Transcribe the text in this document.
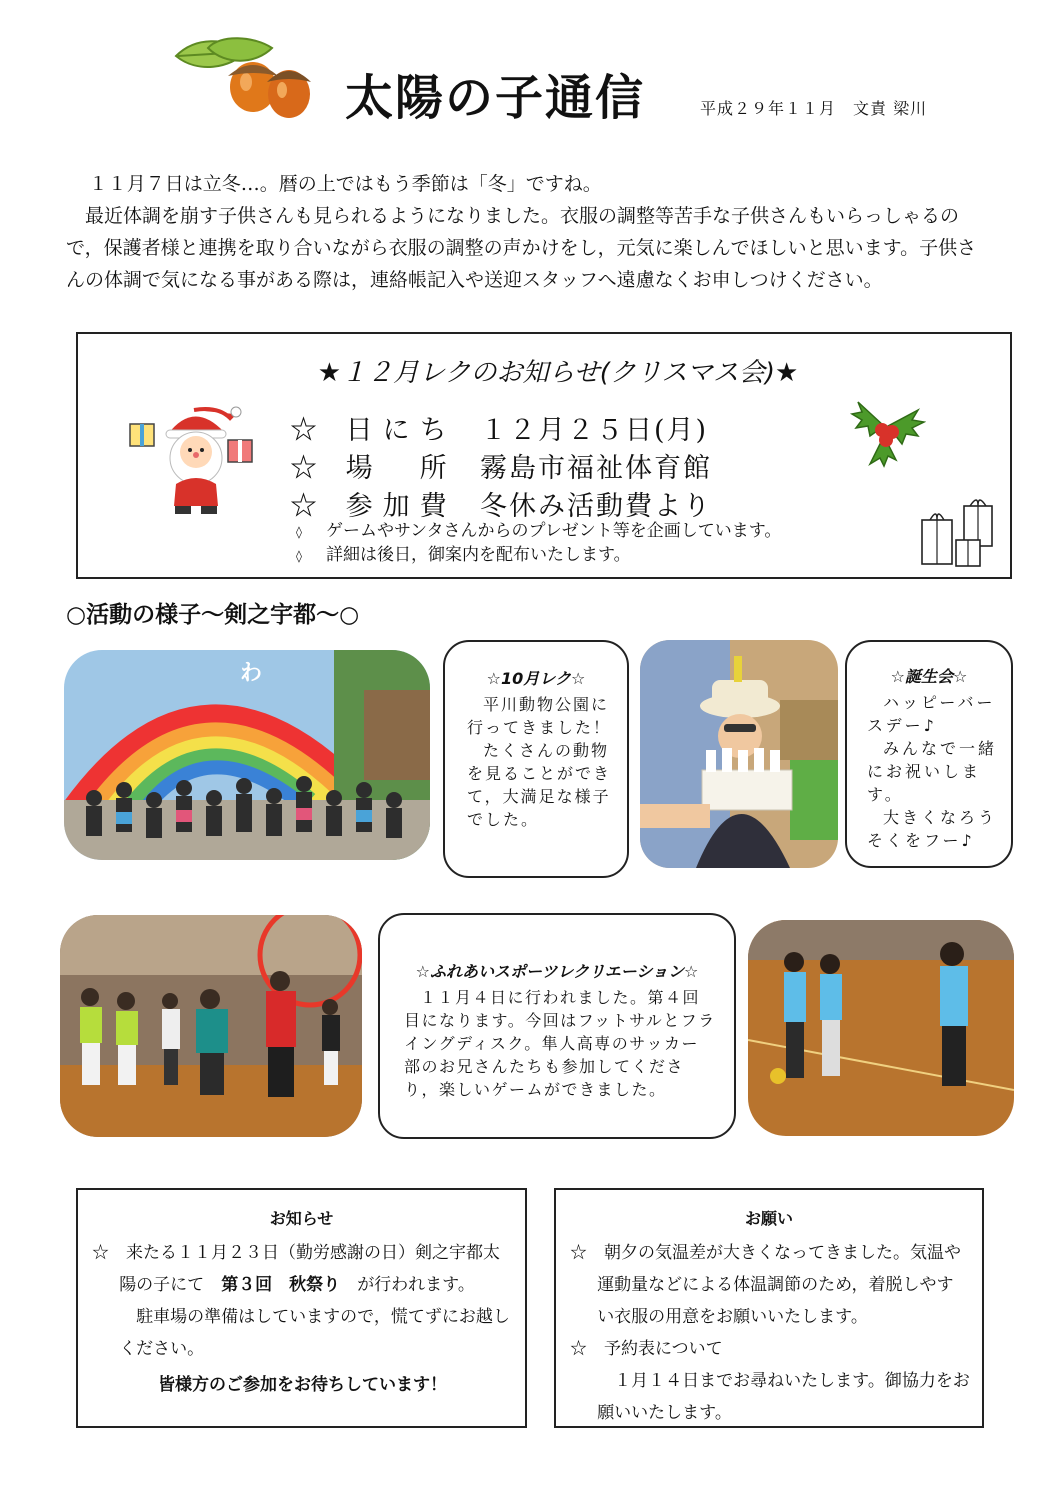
太陽の子通信	平成２９年１１月　文責 梁川

１１月７日は立冬…。暦の上ではもう季節は「冬」ですね。

最近体調を崩す子供さんも見られるようになりました。衣服の調整等苦手な子供さんもいらっしゃるので，保護者様と連携を取り合いながら衣服の調整の声かけをし，元気に楽しんでほしいと思います。子供さんの体調で気になる事がある際は，連絡帳記入や送迎スタッフへ遠慮なくお申しつけください。

★１２月レクのお知らせ(クリスマス会)★
☆ 日にち １２月２５日(月)
☆ 場　所 霧島市福祉体育館
☆ 参加費 冬休み活動費より
◊ ゲームやサンタさんからのプレゼント等を企画しています。
◊ 詳細は後日，御案内を配布いたします。
○活動の様子～剣之宇都～○
わ	☆10月レク☆

平川動物公園に行ってきました！

たくさんの動物を見ることができて，大満足な様子でした。

☆誕生会☆

ハッピーバースデー♪

みんなで一緒にお祝いします。

大きくなろうそくをフー♪

☆ふれあいスポーツレクリエーション☆

１１月４日に行われました。第４回目になります。今回はフットサルとフライングディスク。隼人高専のサッカー部のお兄さんたちも参加してくださり，楽しいゲームができました。

お知らせ

☆　 来たる１１月２３日（勤労感謝の日）剣之宇都太陽の子にて　 第３回　秋祭り　 が行われます。

駐車場の準備はしていますので，慌てずにお越しください。

皆様方のご参加をお待ちしています！

お願い

☆　 朝夕の気温差が大きくなってきました。気温や運動量などによる体温調節のため，着脱しやすい衣服の用意をお願いいたします。

☆　 予約表について

１月１４日までお尋ねいたします。御協力をお願いいたします。
